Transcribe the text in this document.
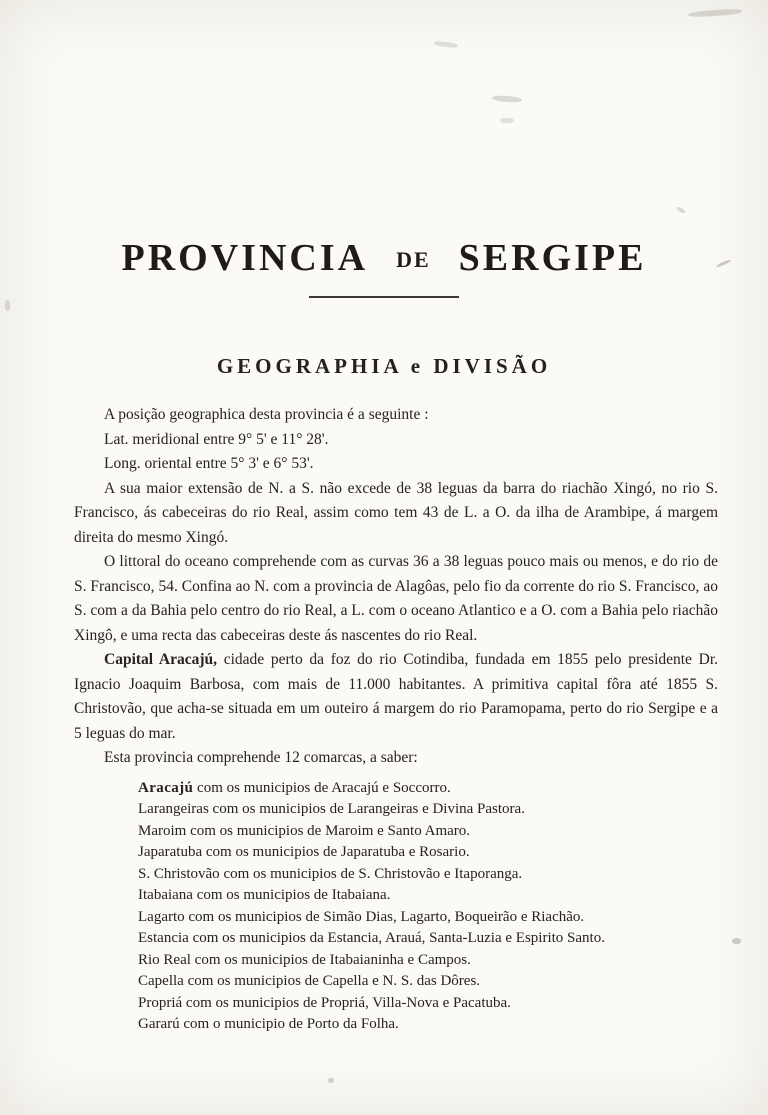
PROVINCIA DE SERGIPE
GEOGRAPHIA e DIVISÃO

A posição geographica desta provincia é a seguinte :

Lat. meridional entre 9° 5' e 11° 28'.

Long. oriental entre 5° 3' e 6° 53'.

A sua maior extensão de N. a S. não excede de 38 leguas da barra do riachão Xingó, no rio S. Francisco, ás cabeceiras do rio Real, assim como tem 43 de L. a O. da ilha de Arambipe, á margem direita do mesmo Xingó.

O littoral do oceano comprehende com as curvas 36 a 38 leguas pouco mais ou menos, e do rio de S. Francisco, 54. Confina ao N. com a provincia de Alagôas, pelo fio da corrente do rio S. Francisco, ao S. com a da Bahia pelo centro do rio Real, a L. com o oceano Atlantico e a O. com a Bahia pelo riachão Xingô, e uma recta das cabeceiras deste ás nascentes do rio Real.

Capital Aracajú, cidade perto da foz do rio Cotindiba, fundada em 1855 pelo presidente Dr. Ignacio Joaquim Barbosa, com mais de 11.000 habitantes. A primitiva capital fôra até 1855 S. Christovão, que acha-se situada em um outeiro á margem do rio Paramopama, perto do rio Sergipe e a 5 leguas do mar.

Esta provincia comprehende 12 comarcas, a saber:

Aracajú com os municipios de Aracajú e Soccorro.

Larangeiras com os municipios de Larangeiras e Divina Pastora.

Maroim com os municipios de Maroim e Santo Amaro.

Japaratuba com os municipios de Japaratuba e Rosario.

S. Christovão com os municipios de S. Christovão e Itaporanga.

Itabaiana com os municipios de Itabaiana.

Lagarto com os municipios de Simão Dias, Lagarto, Boqueirão e Riachão.

Estancia com os municipios da Estancia, Arauá, Santa-Luzia e Espirito Santo.

Rio Real com os municipios de Itabaianinha e Campos.

Capella com os municipios de Capella e N. S. das Dôres.

Propriá com os municipios de Propriá, Villa-Nova e Pacatuba.

Gararú com o municipio de Porto da Folha.
